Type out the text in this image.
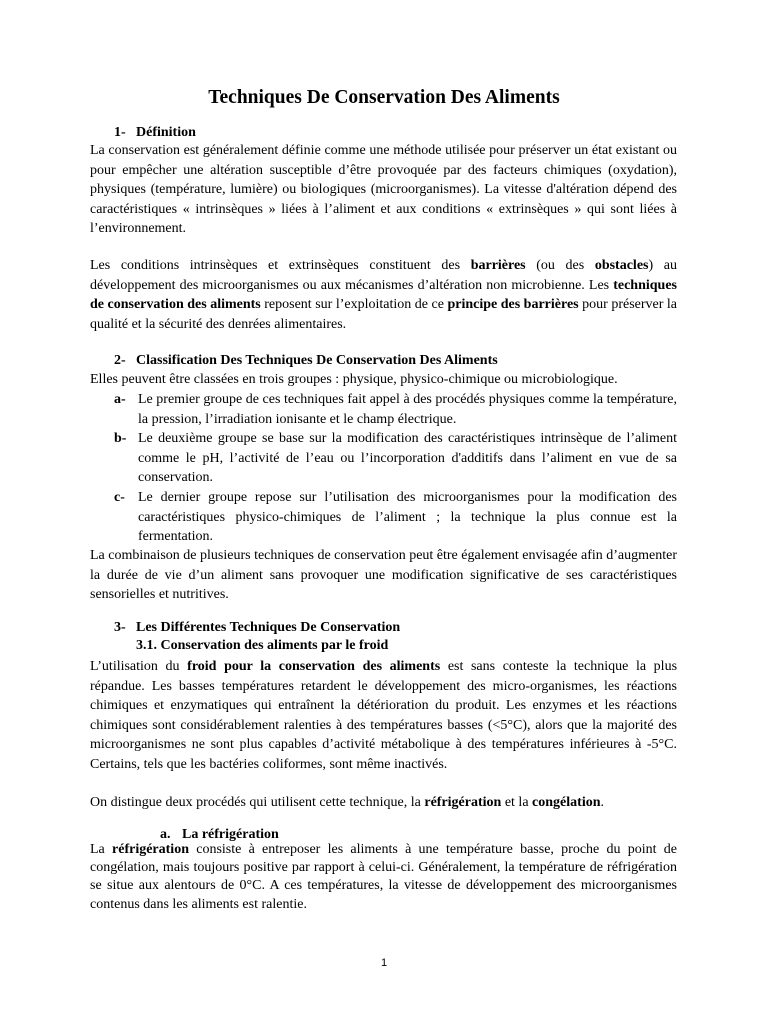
Techniques De Conservation Des Aliments
1- Définition

La conservation est généralement définie comme une méthode utilisée pour préserver un état existant ou pour empêcher une altération susceptible d’être provoquée par des facteurs chimiques (oxydation), physiques (température, lumière) ou biologiques (microorganismes). La vitesse d'altération dépend des caractéristiques « intrinsèques » liées à l’aliment et aux conditions « extrinsèques » qui sont liées à l’environnement.

Les conditions intrinsèques et extrinsèques constituent des barrières (ou des obstacles) au développement des microorganismes ou aux mécanismes d’altération non microbienne. Les techniques de conservation des aliments reposent sur l’exploitation de ce principe des barrières pour préserver la qualité et la sécurité des denrées alimentaires.

2- Classification Des Techniques De Conservation Des Aliments

Elles peuvent être classées en trois groupes : physique, physico-chimique ou microbiologique.

a- Le premier groupe de ces techniques fait appel à des procédés physiques comme la température, la pression, l’irradiation ionisante et le champ électrique.
b- Le deuxième groupe se base sur la modification des caractéristiques intrinsèque de l’aliment comme le pH, l’activité de l’eau ou l’incorporation d'additifs dans l’aliment en vue de sa conservation.
c- Le dernier groupe repose sur l’utilisation des microorganismes pour la modification des caractéristiques physico-chimiques de l’aliment ; la technique la plus connue est la fermentation.

La combinaison de plusieurs techniques de conservation peut être également envisagée afin d’augmenter la durée de vie d’un aliment sans provoquer une modification significative de ses caractéristiques sensorielles et nutritives.

3- Les Différentes Techniques De Conservation
3.1. Conservation des aliments par le froid

L’utilisation du froid pour la conservation des aliments est sans conteste la technique la plus répandue. Les basses températures retardent le développement des micro-organismes, les réactions chimiques et enzymatiques qui entraînent la détérioration du produit. Les enzymes et les réactions chimiques sont considérablement ralenties à des températures basses (<5°C), alors que la majorité des microorganismes ne sont plus capables d’activité métabolique à des températures inférieures à -5°C. Certains, tels que les bactéries coliformes, sont même inactivés.

On distingue deux procédés qui utilisent cette technique, la réfrigération et la congélation.

a. La réfrigération

La réfrigération consiste à entreposer les aliments à une température basse, proche du point de congélation, mais toujours positive par rapport à celui-ci. Généralement, la température de réfrigération se situe aux alentours de 0°C. A ces températures, la vitesse de développement des microorganismes contenus dans les aliments est ralentie.

1
